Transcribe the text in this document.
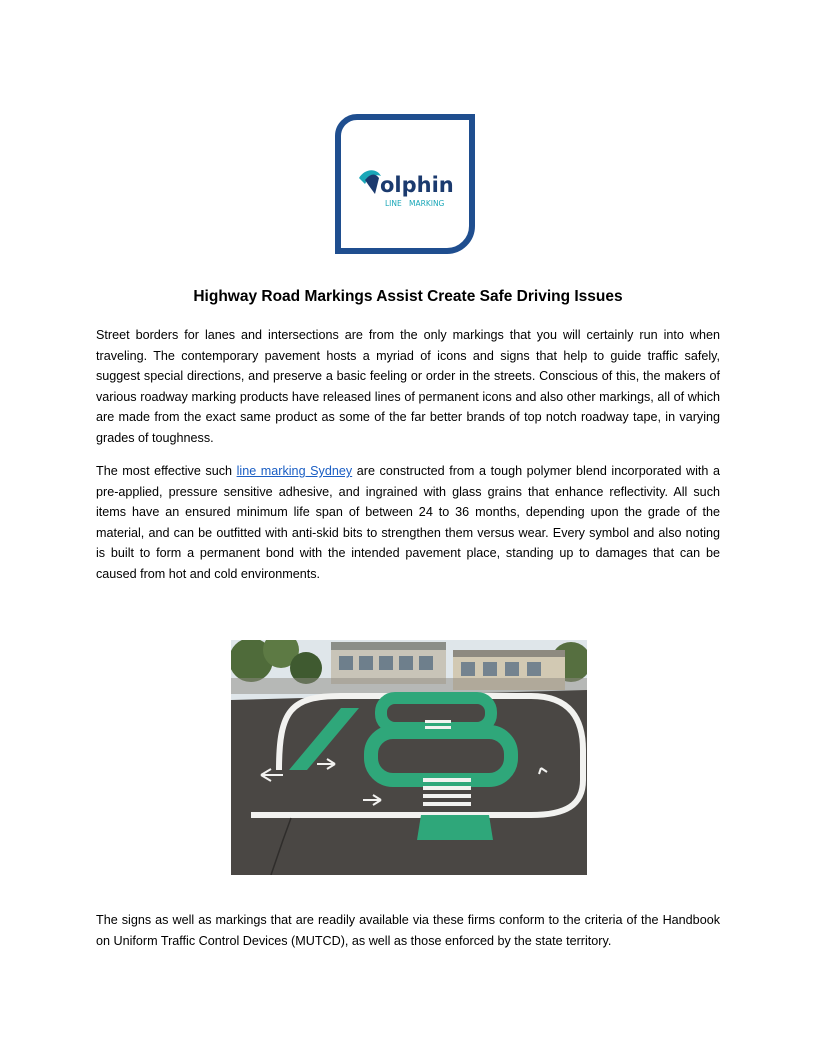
olphin
LINE MARKING
Highway Road Markings Assist Create Safe Driving Issues

Street borders for lanes and intersections are from the only markings that you will certainly run into when traveling. The contemporary pavement hosts a myriad of icons and signs that help to guide traffic safely, suggest special directions, and preserve a basic feeling or order in the streets. Conscious of this, the makers of various roadway marking products have released lines of permanent icons and also other markings, all of which are made from the exact same product as some of the far better brands of top notch roadway tape, in varying grades of toughness.

The most effective such line marking Sydney are constructed from a tough polymer blend incorporated with a pre-applied, pressure sensitive adhesive, and ingrained with glass grains that enhance reflectivity. All such items have an ensured minimum life span of between 24 to 36 months, depending upon the grade of the material, and can be outfitted with anti-skid bits to strengthen them versus wear. Every symbol and also noting is built to form a permanent bond with the intended pavement place, standing up to damages that can be caused from hot and cold environments.

The signs as well as markings that are readily available via these firms conform to the criteria of the Handbook on Uniform Traffic Control Devices (MUTCD), as well as those enforced by the state territory.
